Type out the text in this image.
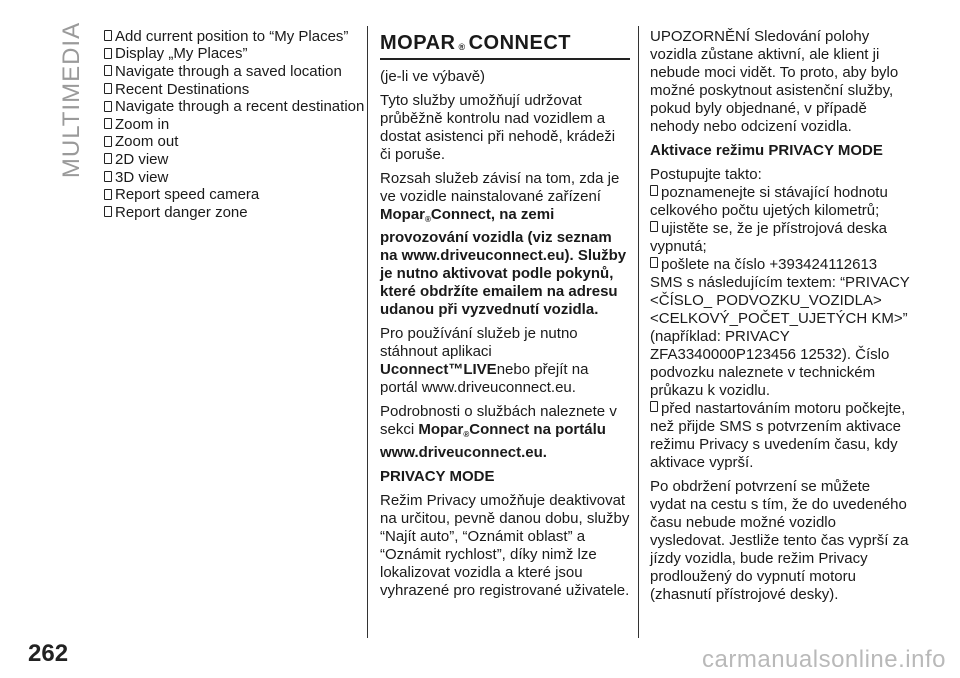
MULTIMEDIA Add current position to “My Places”
Display „My Places”
Navigate through a saved location
Recent Destinations
Navigate through a recent destination
Zoom in
Zoom out
2D view
3D view
Report speed camera
Report danger zone
MOPAR ® CONNECT

(je-li ve výbavě)

Tyto služby umožňují udržovat průběžně kontrolu nad vozidlem a dostat asistenci při nehodě, krádeži či poruše.

Rozsah služeb závisí na tom, zda je ve vozidle nainstalované zařízení Mopar$_®$Connect, na zemi provozování vozidla (viz seznam na www.driveuconnect.eu). Služby je nutno aktivovat podle pokynů, které obdržíte emailem na adresu udanou při vyzvednutí vozidla.

Pro používání služeb je nutno stáhnout aplikaci Uconnect™LIVEnebo přejít na portál www.driveuconnect.eu.

Podrobnosti o službách naleznete v sekci Mopar$_®$Connect na portálu www.driveuconnect.eu.

PRIVACY MODE

Režim Privacy umožňuje deaktivovat na určitou, pevně danou dobu, služby “Najít auto”, “Oznámit oblast” a “Oznámit rychlost”, díky nimž lze lokalizovat vozidla a které jsou vyhrazené pro registrované uživatele.

UPOZORNĚNÍ Sledování polohy vozidla zůstane aktivní, ale klient ji nebude moci vidět. To proto, aby bylo možné poskytnout asistenční služby, pokud byly objednané, v případě nehody nebo odcizení vozidla.

Aktivace režimu PRIVACY MODE

Postupujte takto:

poznamenejte si stávající hodnotu celkového počtu ujetých kilometrů;

ujistěte se, že je přístrojová deska vypnutá;

pošlete na číslo +393424112613 SMS s následujícím textem: “PRIVACY <ČÍSLO_ PODVOZKU_VOZIDLA> <CELKOVÝ_POČET_UJETÝCH KM>” (například: PRIVACY ZFA3340000P123456 12532). Číslo podvozku naleznete v technickém průkazu k vozidlu.

před nastartováním motoru počkejte, než přijde SMS s potvrzením aktivace režimu Privacy s uvedením času, kdy aktivace vyprší.

Po obdržení potvrzení se můžete vydat na cestu s tím, že do uvedeného času nebude možné vozidlo vysledovat. Jestliže tento čas vyprší za jízdy vozidla, bude režim Privacy prodloužený do vypnutí motoru (zhasnutí přístrojové desky).

262	carmanualsonline.info
